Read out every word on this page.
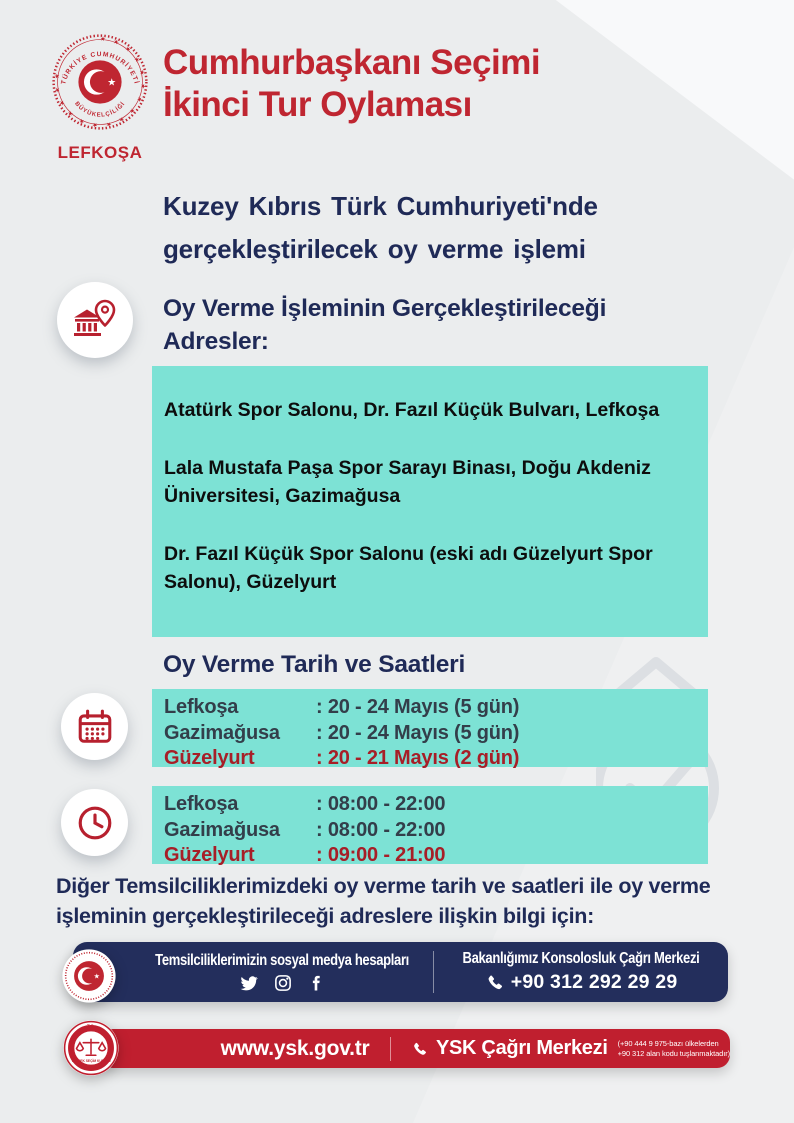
★ ★ ★ ★ ★ ★ ★ ★ ★ ★ ★ ★ ★ ★ ★ ★
TÜRKİYE CUMHURİYETİ
BÜYÜKELÇİLİĞİ
★
LEFKOŞA
Cumhurbaşkanı Seçimi
İkinci Tur Oylaması
Kuzey Kıbrıs Türk Cumhuriyeti'nde gerçekleştirilecek oy verme işlemi
Oy Verme İşleminin Gerçekleştirileceği Adresler:
Atatürk Spor Salonu, Dr. Fazıl Küçük Bulvarı, Lefkoşa
Lala Mustafa Paşa Spor Sarayı Binası, Doğu Akdeniz Üniversitesi, Gazimağusa
Dr. Fazıl Küçük Spor Salonu (eski adı Güzelyurt Spor Salonu), Güzelyurt
Oy Verme Tarih ve Saatleri
Lefkoşa	: 20 - 24 Mayıs (5 gün)
Gazimağusa	: 20 - 24 Mayıs (5 gün)
Güzelyurt	: 20 - 21 Mayıs (2 gün)
Lefkoşa	: 08:00 - 22:00
Gazimağusa	: 08:00 - 22:00
Güzelyurt	: 09:00 - 21:00
Diğer Temsilciliklerimizdeki oy verme tarih ve saatleri ile oy verme işleminin gerçekleştirileceği adreslere ilişkin bilgi için:
Temsilciliklerimizin sosyal medya hesapları	Bakanlığımız Konsolosluk Çağrı Merkezi
+90 312 292 29 29
★
www.ysk.gov.tr	YSK Çağrı Merkezi (+90 444 9 975-bazı ülkelerden
+90 312 alan kodu tuşlanmaktadır)
T.C.
YÜKSEK SEÇİM KURULU
